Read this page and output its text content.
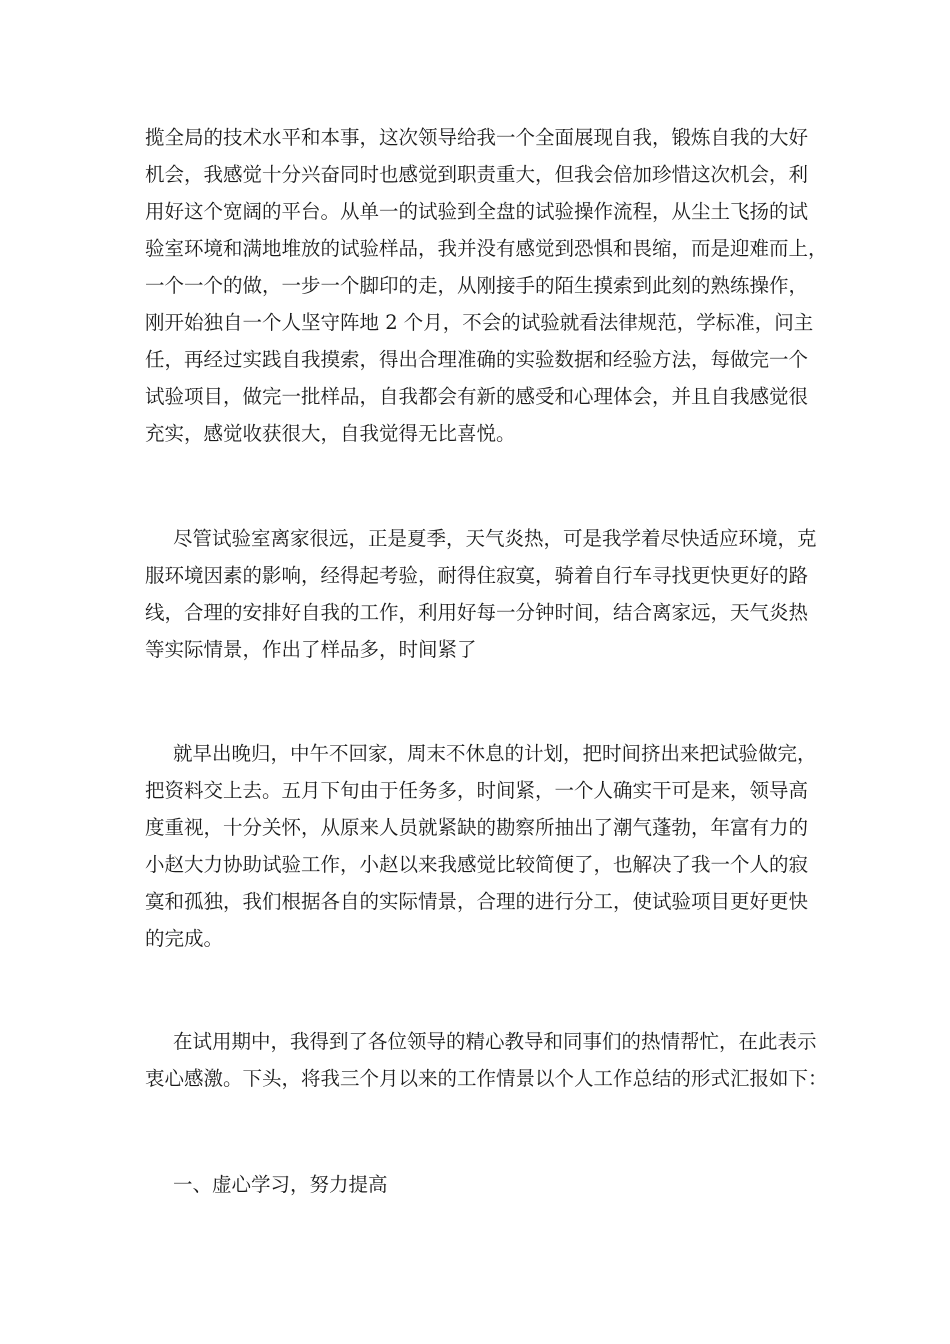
揽全局的技术水平和本事，这次领导给我一个全面展现自我，锻炼自我的大好

机会，我感觉十分兴奋同时也感觉到职责重大，但我会倍加珍惜这次机会，利

用好这个宽阔的平台。从单一的试验到全盘的试验操作流程，从尘土飞扬的试

验室环境和满地堆放的试验样品，我并没有感觉到恐惧和畏缩，而是迎难而上，

一个一个的做，一步一个脚印的走，从刚接手的陌生摸索到此刻的熟练操作，

刚开始独自一个人坚守阵地 2 个月，不会的试验就看法律规范，学标准，问主

任，再经过实践自我摸索，得出合理准确的实验数据和经验方法，每做完一个

试验项目，做完一批样品，自我都会有新的感受和心理体会，并且自我感觉很

充实，感觉收获很大，自我觉得无比喜悦。

尽管试验室离家很远，正是夏季，天气炎热，可是我学着尽快适应环境，克

服环境因素的影响，经得起考验，耐得住寂寞，骑着自行车寻找更快更好的路

线，合理的安排好自我的工作，利用好每一分钟时间，结合离家远，天气炎热

等实际情景，作出了样品多，时间紧了

就早出晚归，中午不回家，周末不休息的计划，把时间挤出来把试验做完，

把资料交上去。五月下旬由于任务多，时间紧，一个人确实干可是来，领导高

度重视，十分关怀，从原来人员就紧缺的勘察所抽出了潮气蓬勃，年富有力的

小赵大力协助试验工作，小赵以来我感觉比较简便了，也解决了我一个人的寂

寞和孤独，我们根据各自的实际情景，合理的进行分工，使试验项目更好更快

的完成。

在试用期中，我得到了各位领导的精心教导和同事们的热情帮忙，在此表示

衷心感激。下头，将我三个月以来的工作情景以个人工作总结的形式汇报如下：

一、虚心学习，努力提高
